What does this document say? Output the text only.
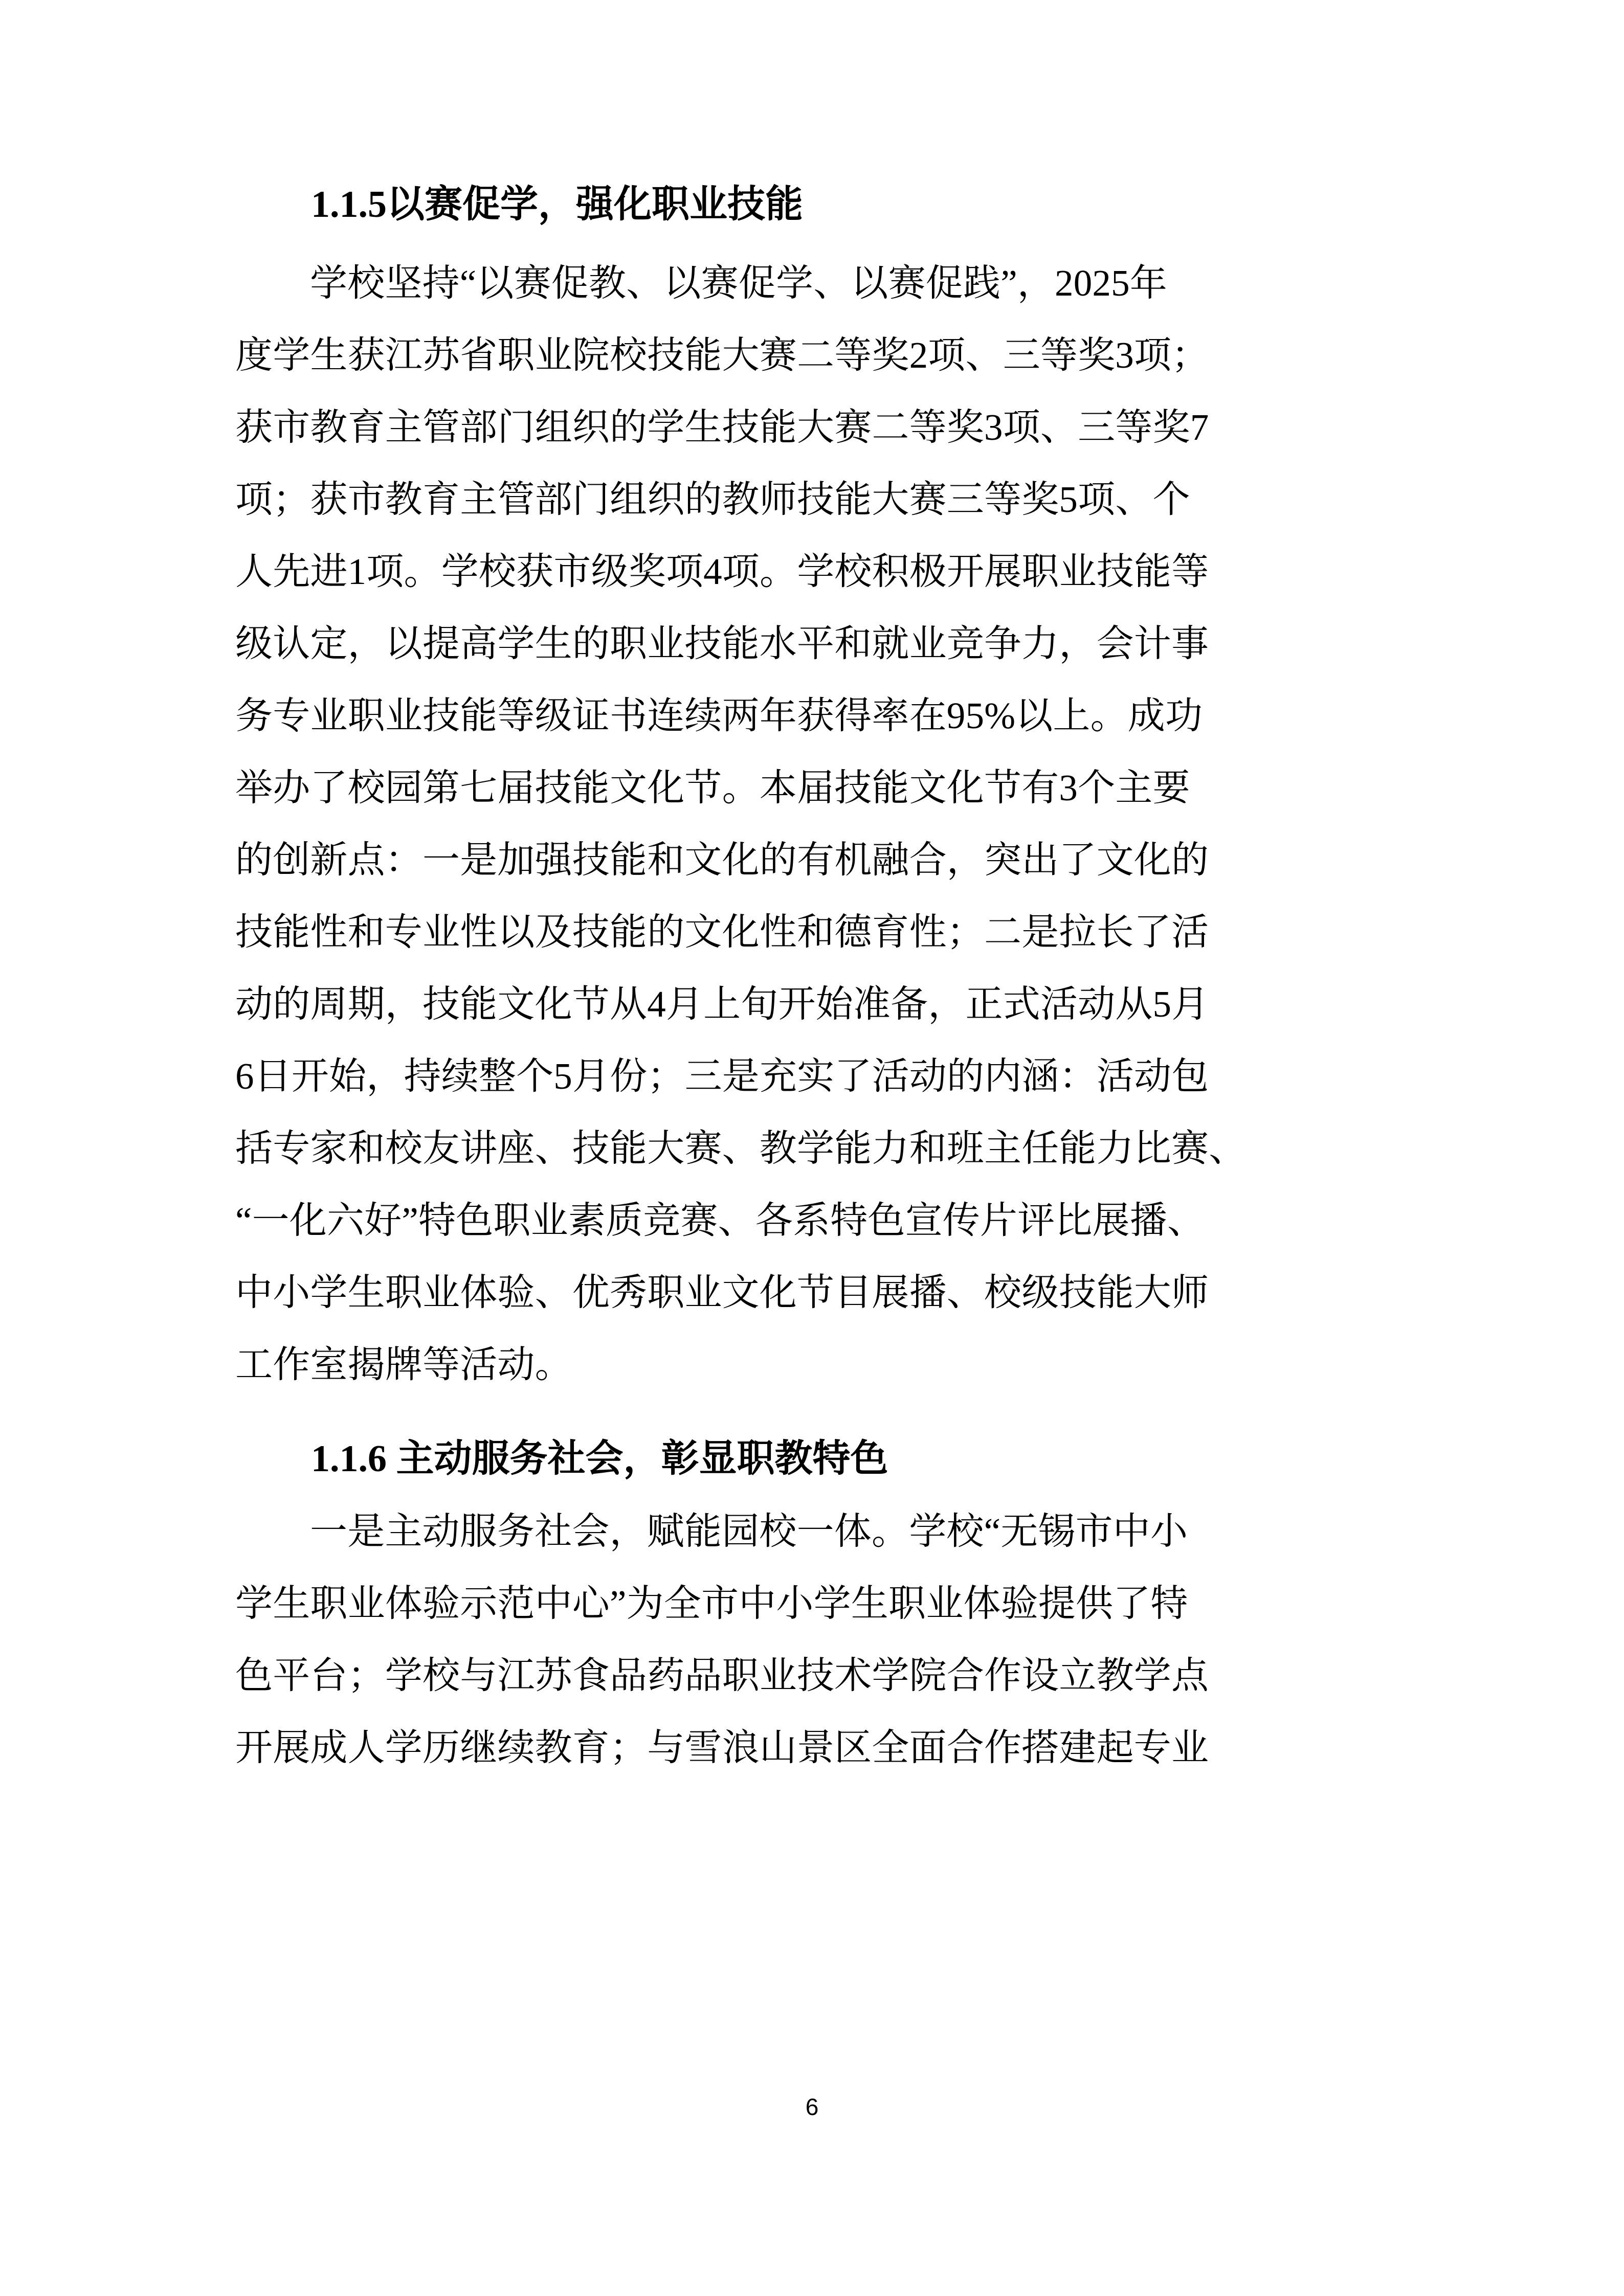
1.1.5以赛促学，强化职业技能
学校坚持“以赛促教、以赛促学、以赛促践”，2025年
度学生获江苏省职业院校技能大赛二等奖2项、三等奖3项；
获市教育主管部门组织的学生技能大赛二等奖3项、三等奖7
项；获市教育主管部门组织的教师技能大赛三等奖5项、个
人先进1项。学校获市级奖项4项。学校积极开展职业技能等
级认定，以提高学生的职业技能水平和就业竞争力，会计事
务专业职业技能等级证书连续两年获得率在95%以上。成功
举办了校园第七届技能文化节。本届技能文化节有3个主要
的创新点：一是加强技能和文化的有机融合，突出了文化的
技能性和专业性以及技能的文化性和德育性；二是拉长了活
动的周期，技能文化节从4月上旬开始准备，正式活动从5月
6日开始，持续整个5月份；三是充实了活动的内涵：活动包
括专家和校友讲座、技能大赛、教学能力和班主任能力比赛、
“一化六好”特色职业素质竞赛、各系特色宣传片评比展播、
中小学生职业体验、优秀职业文化节目展播、校级技能大师
工作室揭牌等活动。
1.1.6 主动服务社会，彰显职教特色
一是主动服务社会，赋能园校一体。学校“无锡市中小
学生职业体验示范中心”为全市中小学生职业体验提供了特
色平台；学校与江苏食品药品职业技术学院合作设立教学点
开展成人学历继续教育；与雪浪山景区全面合作搭建起专业
6
